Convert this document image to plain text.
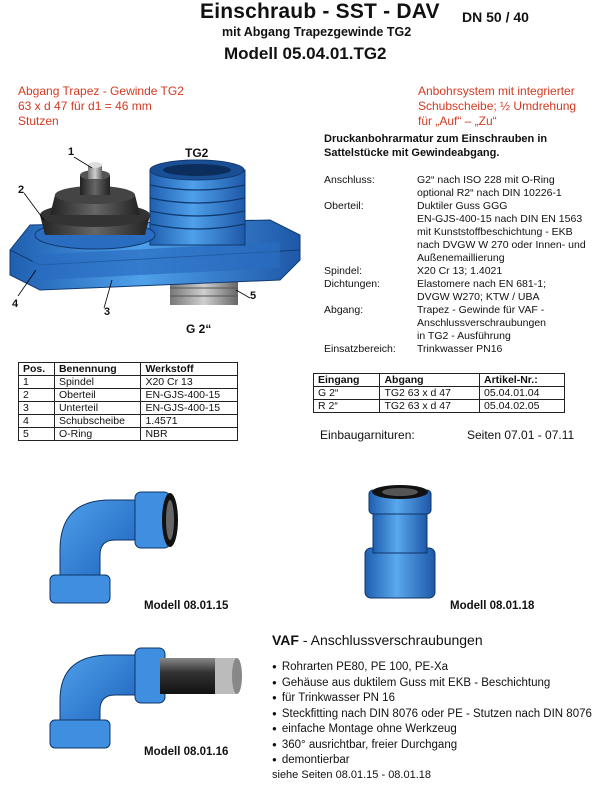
Einschraub - SST - DAV DN 50 / 40
mit Abgang Trapezgewinde TG2
Modell 05.04.01.TG2
Abgang Trapez - Gewinde TG2
63 x d 47 für d1 = 46 mm
Stutzen
Anbohrsystem mit integrierter
Schubscheibe; ½ Umdrehung
für „Auf“ – „Zu“
1
2
3
4
5
TG2
G 2“
Druckanbohrarmatur zum Einschrauben in Sattelstücke mit Gewindeabgang.
Anschluss:	G2“ nach ISO 228 mit O-Ring
optional R2“ nach DIN 10226-1
Oberteil:	Duktiler Guss GGG
EN-GJS-400-15 nach DIN EN 1563
mit Kunststoffbeschichtung - EKB
nach DVGW W 270 oder Innen- und
Außenemaillierung
Spindel:	X20 Cr 13; 1.4021
Dichtungen:	Elastomere nach EN 681-1;
DVGW W270; KTW / UBA
Abgang:	Trapez - Gewinde für VAF -
Anschlussverschraubungen
in TG2 - Ausführung
Einsatzbereich:	Trinkwasser PN16
Pos.	Benennung	Werkstoff
1	Spindel	X20 Cr 13
2	Oberteil	EN-GJS-400-15
3	Unterteil	EN-GJS-400-15
4	Schubscheibe	1.4571
5	O-Ring	NBR
Eingang	Abgang	Artikel-Nr.:
G 2“	TG2 63 x d 47	05.04.01.04
R 2“	TG2 63 x d 47	05.04.02.05
Einbaugarnituren:	Seiten 07.01 - 07.11
Modell 08.01.15	Modell 08.01.18
Modell 08.01.16
VAF - Anschlussverschraubungen
● Rohrarten PE80, PE 100, PE-Xa
● Gehäuse aus duktilem Guss mit EKB - Beschichtung
● für Trinkwasser PN 16
● Steckfitting nach DIN 8076 oder PE - Stutzen nach DIN 8076
● einfache Montage ohne Werkzeug
● 360° ausrichtbar, freier Durchgang
● demontierbar
siehe Seiten 08.01.15 - 08.01.18
